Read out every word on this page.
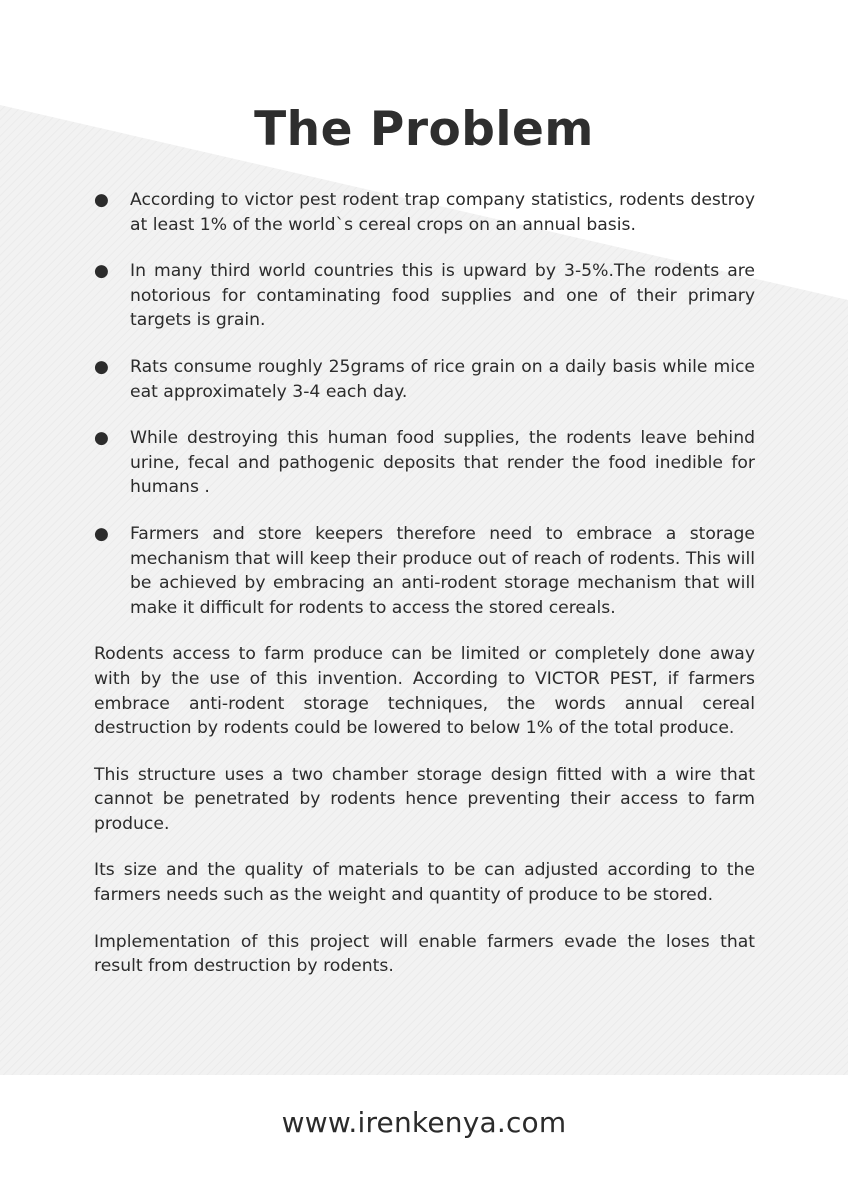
The Problem
● According to victor pest rodent trap company statistics, rodents destroy at least 1% of the world`s cereal crops on an annual basis.
● In many third world countries this is upward by 3-5%.The rodents are notorious for contaminating food supplies and one of their primary targets is grain.
● Rats consume roughly 25grams of rice grain on a daily basis while mice eat approximately 3-4 each day.
● While destroying this human food supplies, the rodents leave behind urine, fecal and pathogenic deposits that render the food inedible for humans .
● Farmers and store keepers therefore need to embrace a storage mechanism that will keep their produce out of reach of rodents. This will be achieved by embracing an anti-rodent storage mechanism that will make it difficult for rodents to access the stored cereals.

Rodents access to farm produce can be limited or completely done away with by the use of this invention. According to VICTOR PEST, if farmers embrace anti-rodent storage techniques, the words annual cereal destruction by rodents could be lowered to below 1% of the total produce.

This structure uses a two chamber storage design fitted with a wire that cannot be penetrated by rodents hence preventing their access to farm produce.

Its size and the quality of materials to be can adjusted according to the farmers needs such as the weight and quantity of produce to be stored.

Implementation of this project will enable farmers evade the loses that result from destruction by rodents.

www.irenkenya.com
